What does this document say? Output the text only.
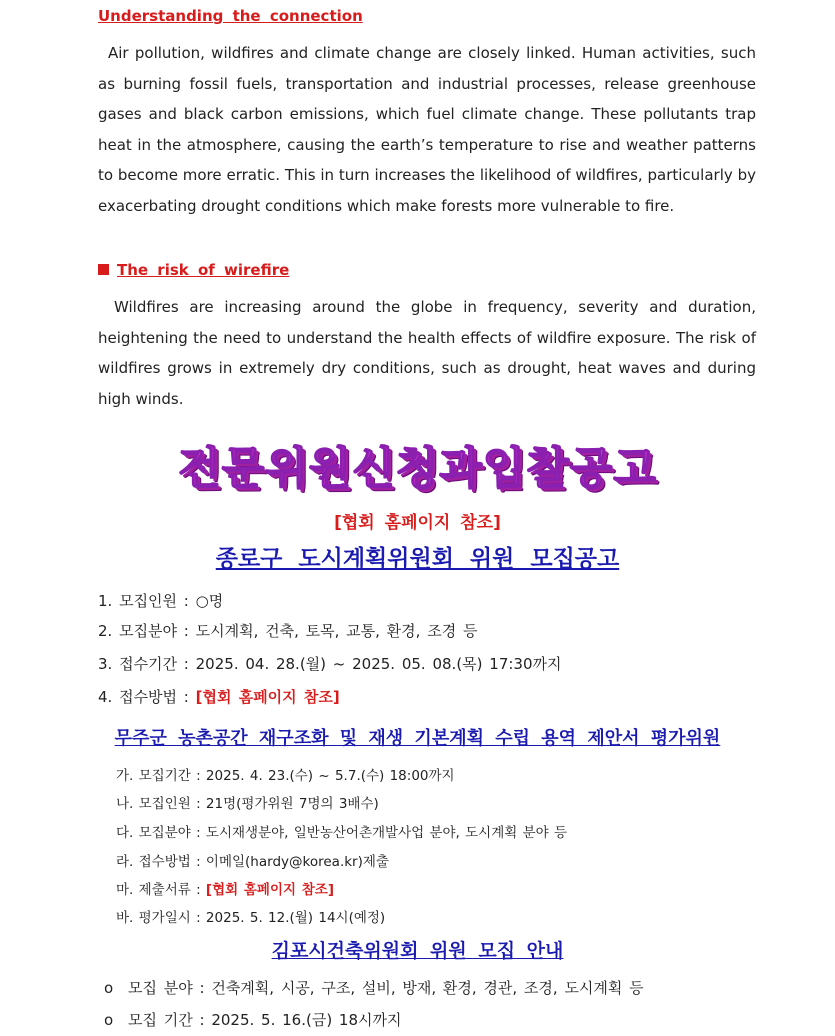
Understanding the connection
Air pollution, wildfires and climate change are closely linked. Human activities, such as burning fossil fuels, transportation and industrial processes, release greenhouse gases and black carbon emissions, which fuel climate change. These pollutants trap heat in the atmosphere, causing the earth’s temperature to rise and weather patterns to become more erratic. This in turn increases the likelihood of wildfires, particularly by exacerbating drought conditions which make forests more vulnerable to fire.
The risk of wirefire
Wildfires are increasing around the globe in frequency, severity and duration, heightening the need to understand the health effects of wildfire exposure. The risk of wildfires grows in extremely dry conditions, such as drought, heat waves and during high winds.
전문위원신청과입찰공고
[협회 홈페이지 참조]
종로구 도시계획위원회 위원 모집공고
1. 모집인원 : ○명
2. 모집분야 : 도시계획, 건축, 토목, 교통, 환경, 조경 등
3. 접수기간 : 2025. 04. 28.(월) ~ 2025. 05. 08.(목) 17:30까지
4. 접수방법 : [협회 홈페이지 참조]
무주군 농촌공간 재구조화 및 재생 기본계획 수립 용역 제안서 평가위원
가. 모집기간 : 2025. 4. 23.(수) ~ 5.7.(수) 18:00까지
나. 모집인원 : 21명(평가위원 7명의 3배수)
다. 모집분야 : 도시재생분야, 일반농산어촌개발사업 분야, 도시계획 분야 등
라. 접수방법 : 이메일(hardy@korea.kr)제출
마. 제출서류 : [협회 홈페이지 참조]
바. 평가일시 : 2025. 5. 12.(월) 14시(예정)
김포시건축위원회 위원 모집 안내
o 모집 분야 : 건축계획, 시공, 구조, 설비, 방재, 환경, 경관, 조경, 도시계획 등
o 모집 기간 : 2025. 5. 16.(금) 18시까지
